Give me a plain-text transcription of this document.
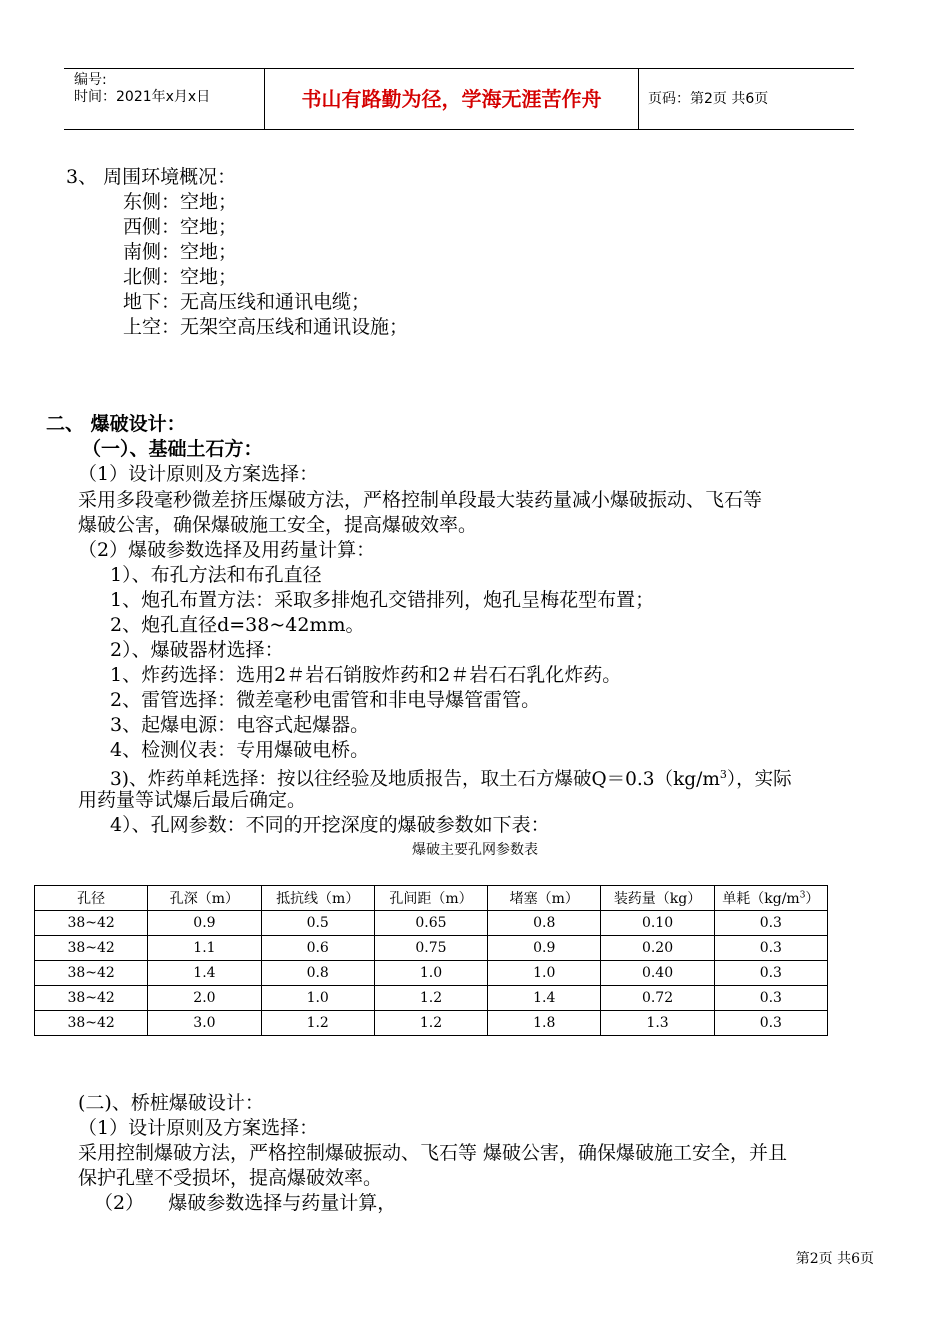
编号:
时间：2021年x月x日	书山有路勤为径，学海无涯苦作舟	页码：第2页 共6页
3、 周围环境概况：
东侧：空地；
西侧：空地；
南侧：空地；
北侧：空地；
地下：无高压线和通讯电缆；
上空：无架空高压线和通讯设施；
二、 爆破设计：
（一）、基础土石方：
（1）设计原则及方案选择：
采用多段毫秒微差挤压爆破方法，严格控制单段最大装药量减小爆破振动、飞石等
爆破公害，确保爆破施工安全，提高爆破效率。
（2）爆破参数选择及用药量计算：
1）、布孔方法和布孔直径
1、炮孔布置方法：采取多排炮孔交错排列，炮孔呈梅花型布置；
2、炮孔直径d=38~42mm。
2）、爆破器材选择：
1、炸药选择：选用2＃岩石销胺炸药和2＃岩石石乳化炸药。
2、雷管选择：微差毫秒电雷管和非电导爆管雷管。
3、起爆电源：电容式起爆器。
4、检测仪表：专用爆破电桥。
3)、炸药单耗选择：按以往经验及地质报告，取土石方爆破$Q=0.3(kg/m^3)$，实际
用药量等试爆后最后确定。
4）、孔网参数：不同的开挖深度的爆破参数如下表：
爆破主要孔网参数表
孔径	孔深（m）	抵抗线（m）	孔间距（m）	堵塞（m）	装药量（kg）	单耗$(kg/m^3)$
38~42	0.9	0.5	0.65	0.8	0.10	0.3
38~42	1.1	0.6	0.75	0.9	0.20	0.3
38~42	1.4	0.8	1.0	1.0	0.40	0.3
38~42	2.0	1.0	1.2	1.4	0.72	0.3
38~42	3.0	1.2	1.2	1.8	1.3	0.3
(二)、桥桩爆破设计：
（1）设计原则及方案选择：
采用控制爆破方法，严格控制爆破振动、飞石等 爆破公害，确保爆破施工安全，并且
保护孔壁不受损坏，提高爆破效率。
（2）    爆破参数选择与药量计算，
第2页 共6页
